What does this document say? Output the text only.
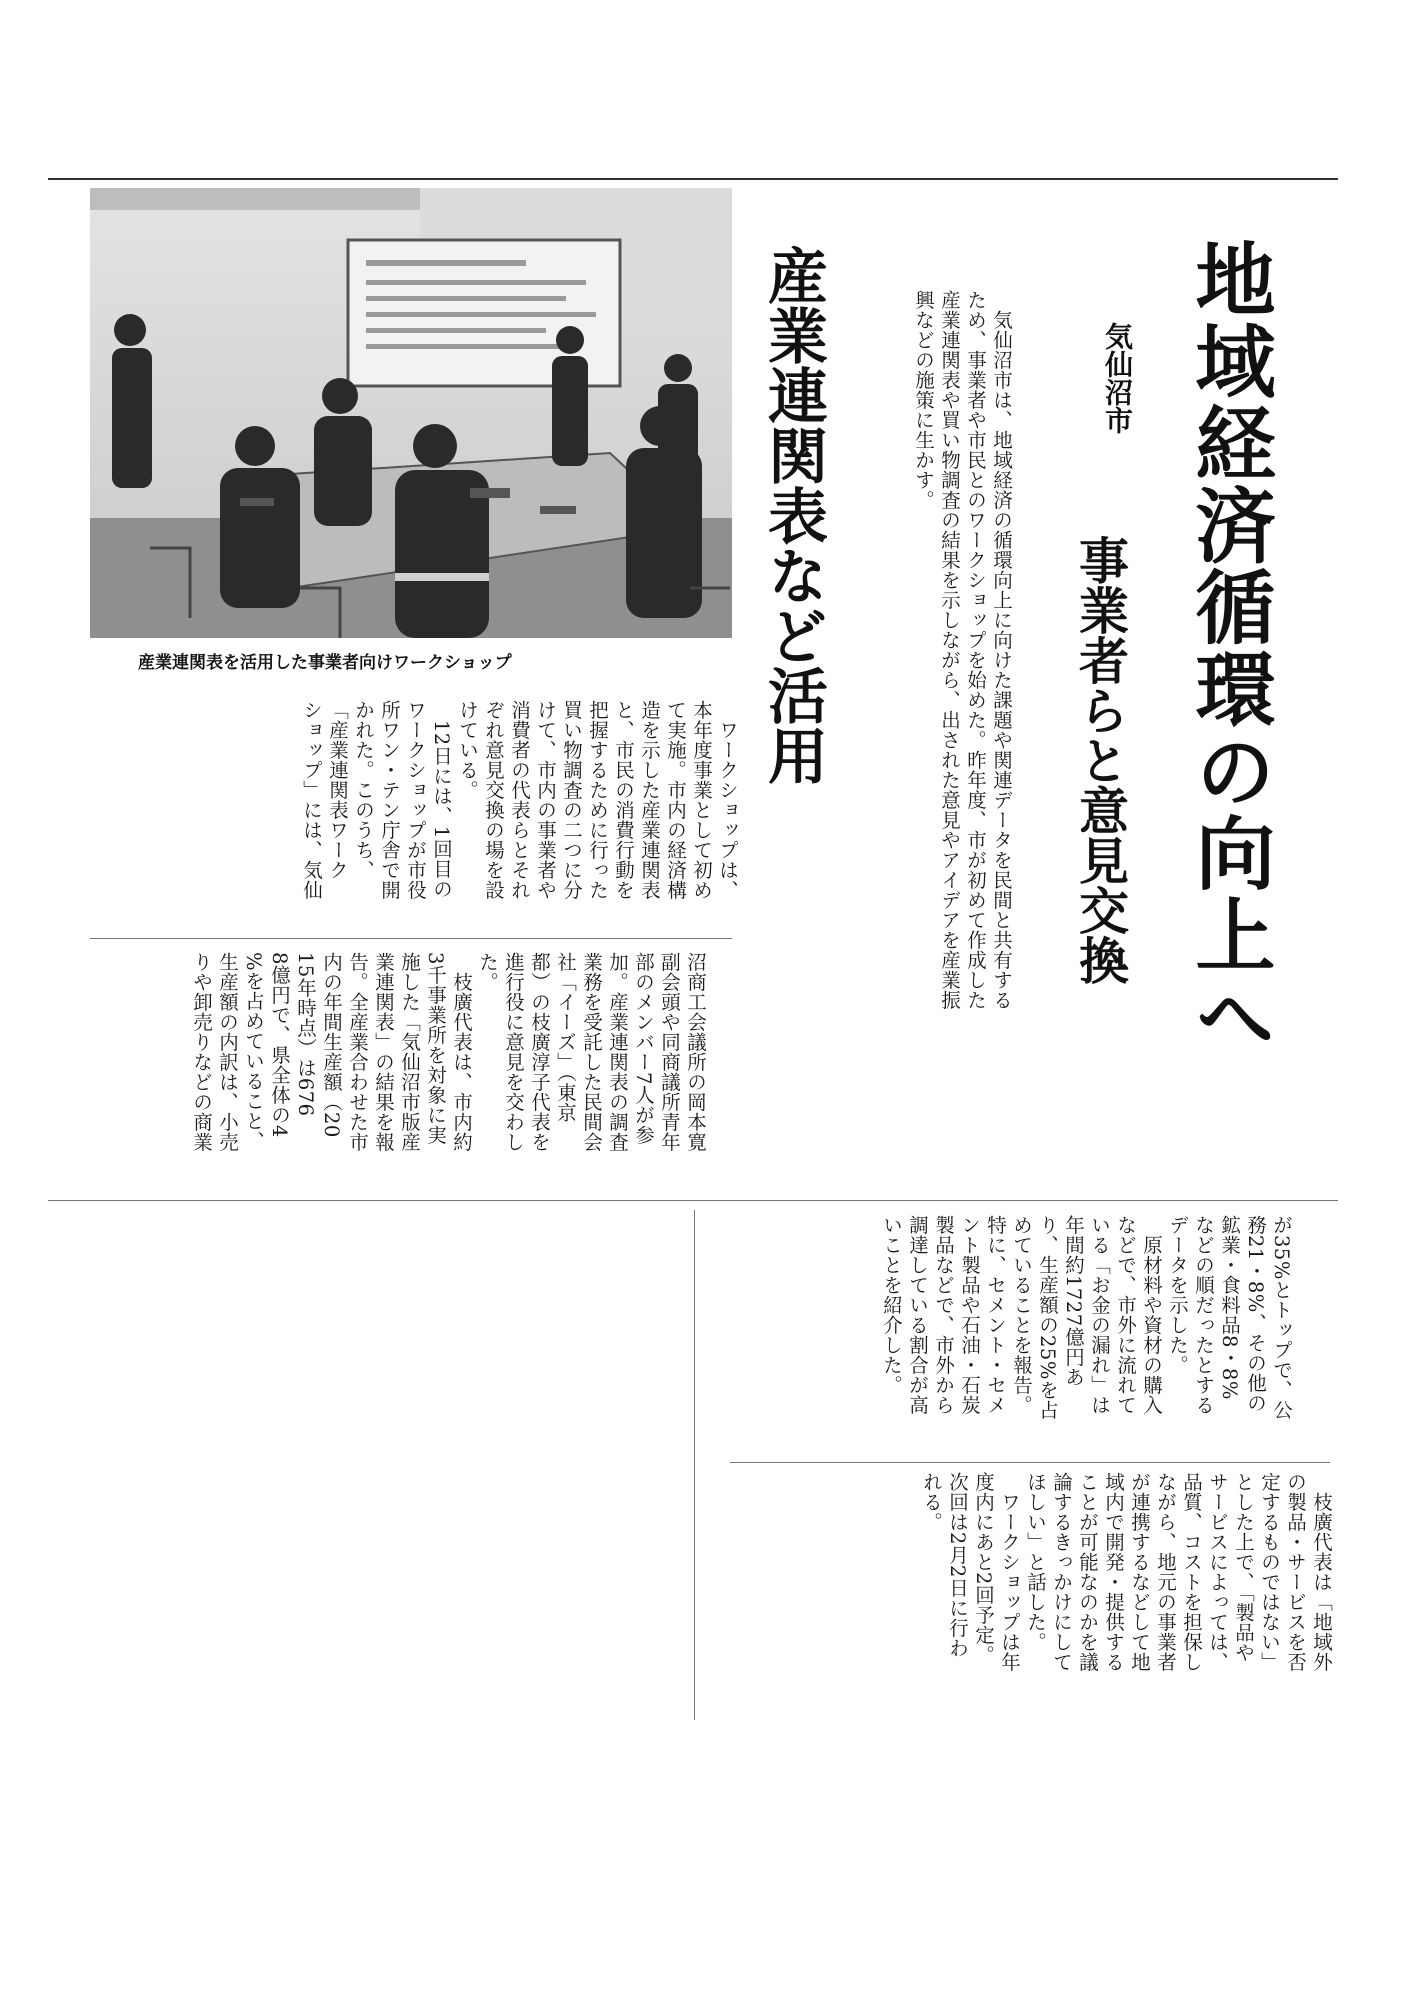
地域経済循環の向上へ
気仙沼市
事業者らと意見交換
　気仙沼市は、地域経済の循環向上に向けた課題や関連データを民間と共有する
ため、事業者や市民とのワークショップを始めた。昨年度、市が初めて作成した
産業連関表や買い物調査の結果を示しながら、出された意見やアイデアを産業振
興などの施策に生かす。
産業連関表など活用
産業連関表を活用した事業者向けワークショップ
　ワークショップは、
本年度事業として初め
て実施。市内の経済構
造を示した産業連関表
と、市民の消費行動を
把握するために行った
買い物調査の二つに分
けて、市内の事業者や
消費者の代表らとそれ
ぞれ意見交換の場を設
けている。
　12日には、1回目の
ワークショップが市役
所ワン・テン庁舎で開
かれた。このうち、
「産業連関表ワーク
ショップ」には、気仙
沼商工会議所の岡本寛
副会頭や同商議所青年
部のメンバー7人が参
加。産業連関表の調査
業務を受託した民間会
社「イーズ」（東京
都）の枝廣淳子代表を
進行役に意見を交わし
た。
　枝廣代表は、市内約
3千事業所を対象に実
施した「気仙沼市版産
業連関表」の結果を報
告。全産業合わせた市
内の年間生産額（20
15年時点）は676
8億円で、県全体の4
%を占めていること、
生産額の内訳は、小売
りや卸売りなどの商業
が35%とトップで、公
務21・8%、その他の
鉱業・食料品8・8%
などの順だったとする
データを示した。
　原材料や資材の購入
などで、市外に流れて
いる「お金の漏れ」は
年間約1727億円あ
り、生産額の25%を占
めていることを報告。
特に、セメント・セメ
ント製品や石油・石炭
製品などで、市外から
調達している割合が高
いことを紹介した。
　枝廣代表は「地域外
の製品・サービスを否
定するものではない」
とした上で、「製品や
サービスによっては、
品質、コストを担保し
ながら、地元の事業者
が連携するなどして地
域内で開発・提供する
ことが可能なのかを議
論するきっかけにして
ほしい」と話した。
　ワークショップは年
度内にあと2回予定。
次回は2月2日に行わ
れる。
